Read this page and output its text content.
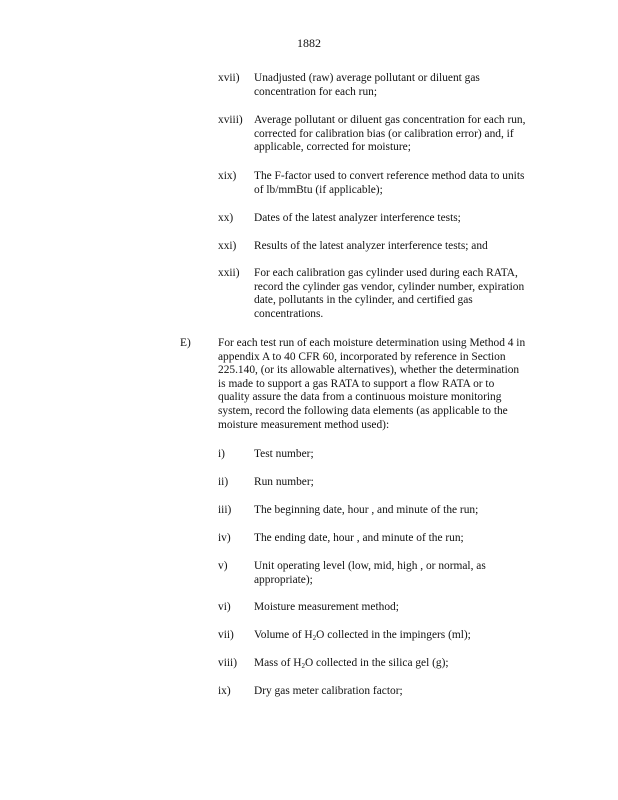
1882
xvii) Unadjusted (raw) average pollutant or diluent gas
concentration for each run;
xviii) Average pollutant or diluent gas concentration for each run,
corrected for calibration bias (or calibration error) and, if
applicable, corrected for moisture;
xix) The F-factor used to convert reference method data to units
of lb/mmBtu (if applicable);
xx) Dates of the latest analyzer interference tests;
xxi) Results of the latest analyzer interference tests; and
xxii) For each calibration gas cylinder used during each RATA,
record the cylinder gas vendor, cylinder number, expiration
date, pollutants in the cylinder, and certified gas
concentrations.
E) For each test run of each moisture determination using Method 4 in
appendix A to 40 CFR 60, incorporated by reference in Section
225.140, (or its allowable alternatives), whether the determination
is made to support a gas RATA to support a flow RATA or to
quality assure the data from a continuous moisture monitoring
system, record the following data elements (as applicable to the
moisture measurement method used):
i)	Test number;
ii) Run number;
iii) The beginning date, hour , and minute of the run;
iv) The ending date, hour , and minute of the run;
v) Unit operating level (low, mid, high , or normal, as
appropriate);
vi) Moisture measurement method;
vii) Volume of $H_2O$ collected in the impingers (ml);
viii) Mass of $H_2O$ collected in the silica gel (g);
ix) Dry gas meter calibration factor;
